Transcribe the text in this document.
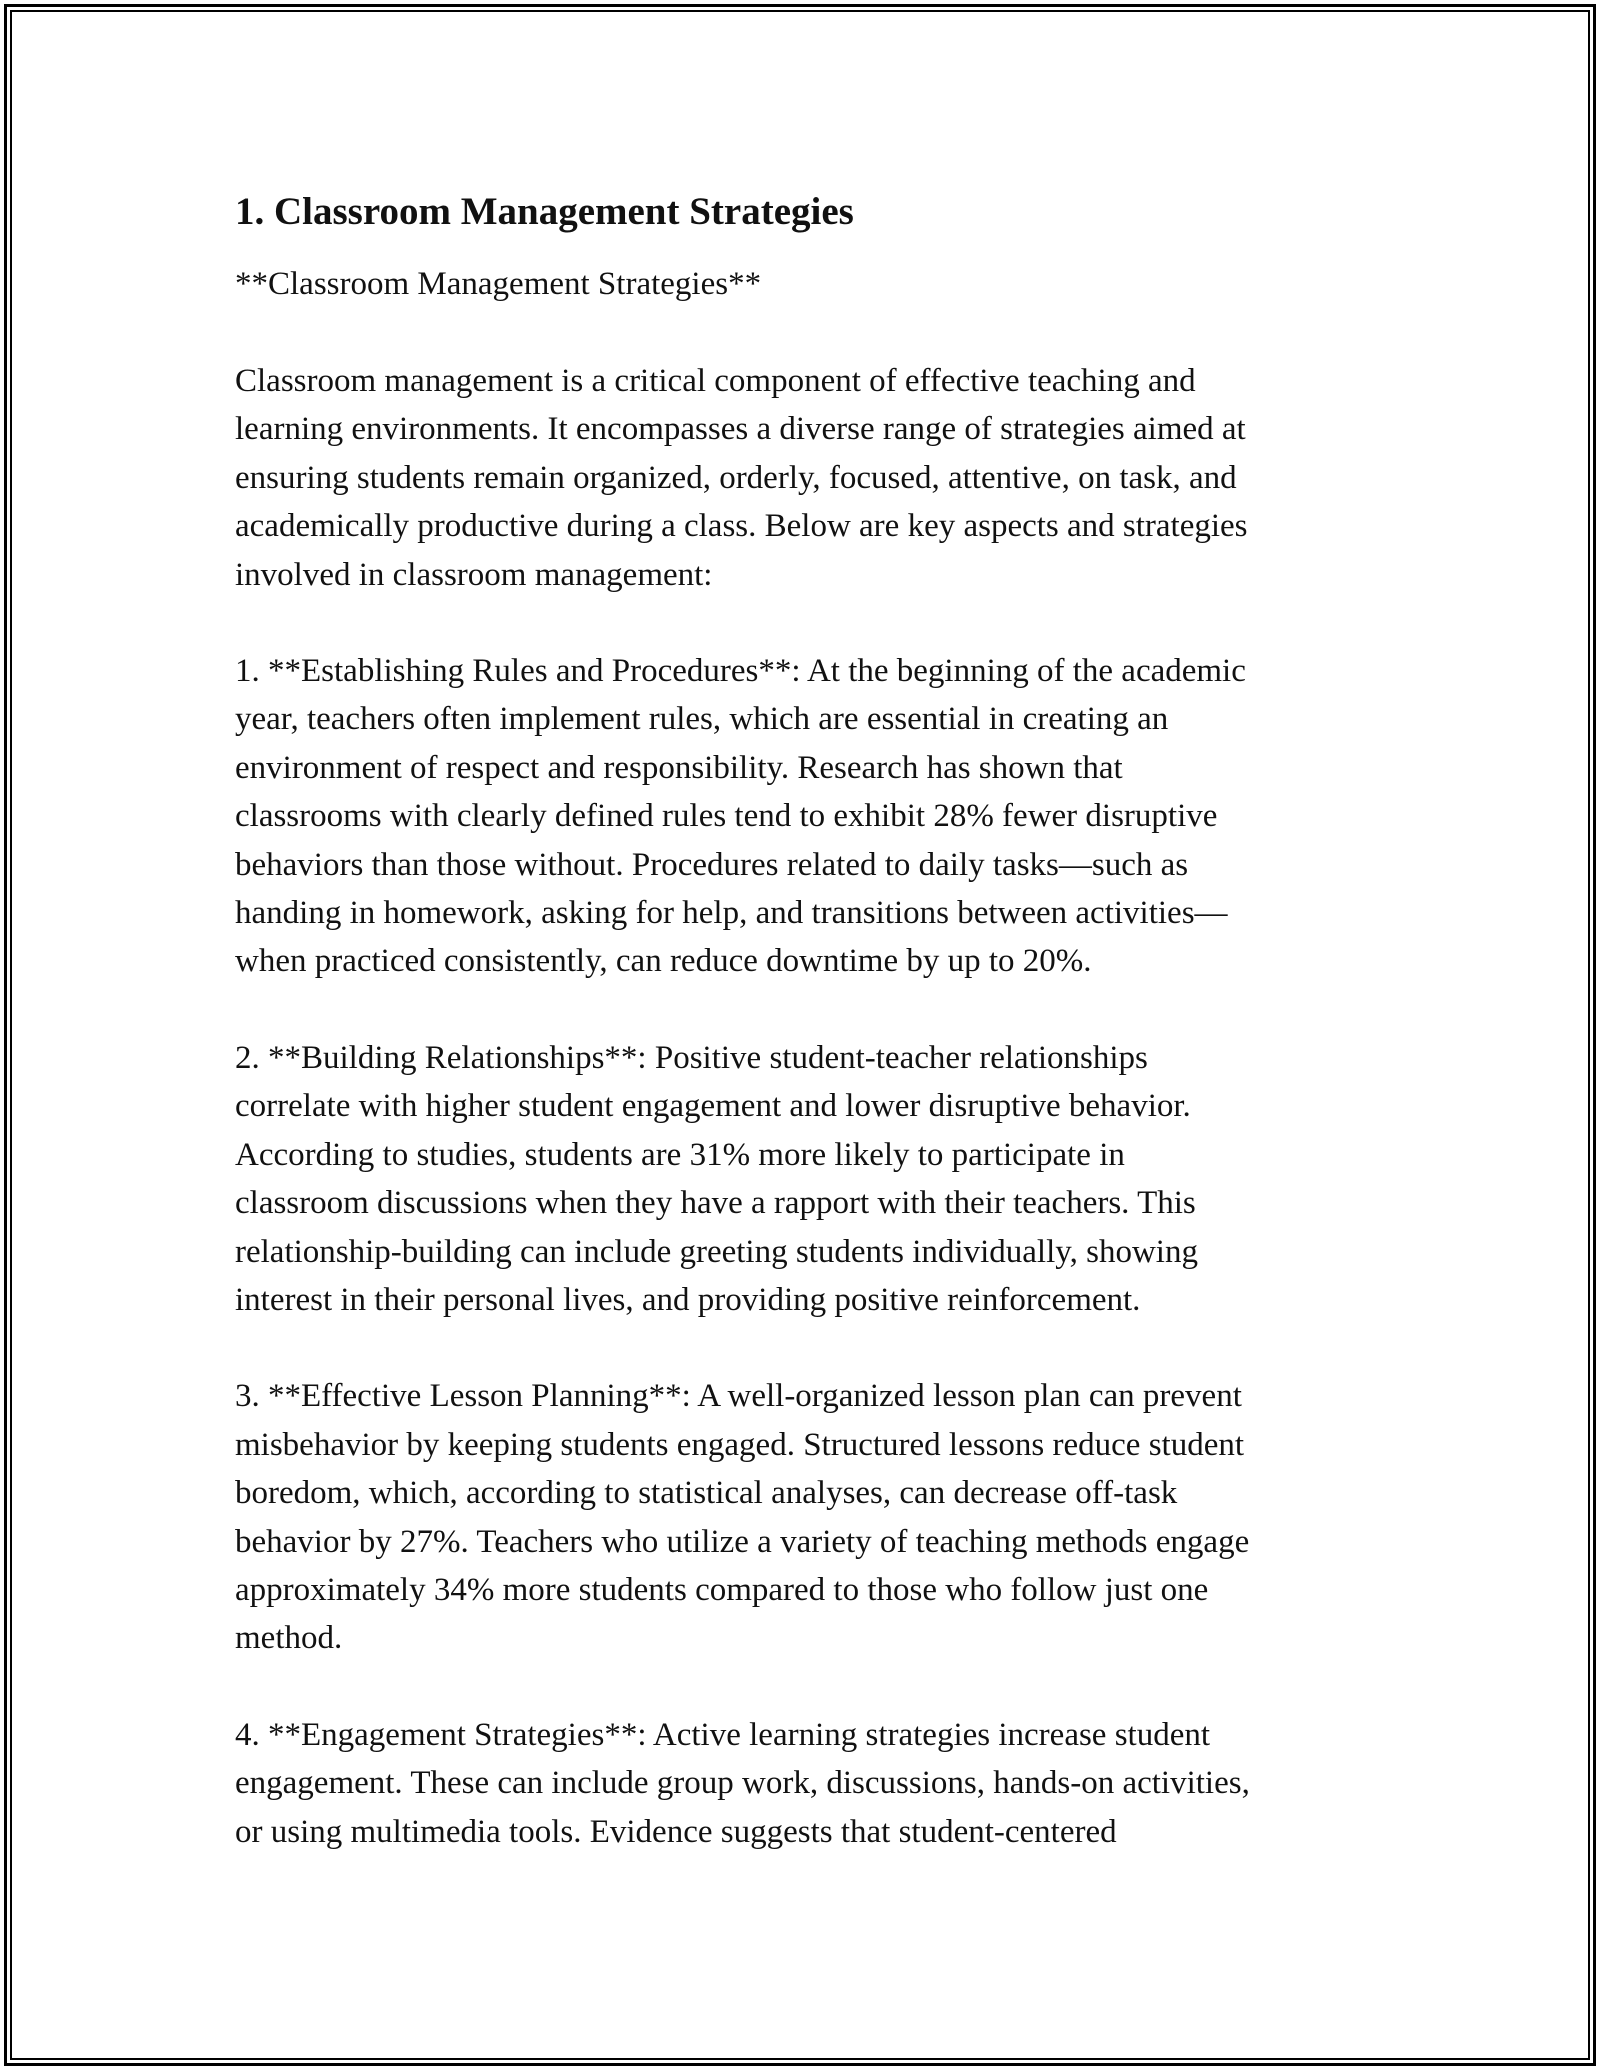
1. Classroom Management Strategies

**Classroom Management Strategies**

Classroom management is a critical component of effective teaching and
learning environments. It encompasses a diverse range of strategies aimed at
ensuring students remain organized, orderly, focused, attentive, on task, and
academically productive during a class. Below are key aspects and strategies
involved in classroom management:

1. **Establishing Rules and Procedures**: At the beginning of the academic
year, teachers often implement rules, which are essential in creating an
environment of respect and responsibility. Research has shown that
classrooms with clearly defined rules tend to exhibit 28% fewer disruptive
behaviors than those without. Procedures related to daily tasks—such as
handing in homework, asking for help, and transitions between activities—
when practiced consistently, can reduce downtime by up to 20%.

2. **Building Relationships**: Positive student-teacher relationships
correlate with higher student engagement and lower disruptive behavior.
According to studies, students are 31% more likely to participate in
classroom discussions when they have a rapport with their teachers. This
relationship-building can include greeting students individually, showing
interest in their personal lives, and providing positive reinforcement.

3. **Effective Lesson Planning**: A well-organized lesson plan can prevent
misbehavior by keeping students engaged. Structured lessons reduce student
boredom, which, according to statistical analyses, can decrease off-task
behavior by 27%. Teachers who utilize a variety of teaching methods engage
approximately 34% more students compared to those who follow just one
method.

4. **Engagement Strategies**: Active learning strategies increase student
engagement. These can include group work, discussions, hands-on activities,
or using multimedia tools. Evidence suggests that student-centered
